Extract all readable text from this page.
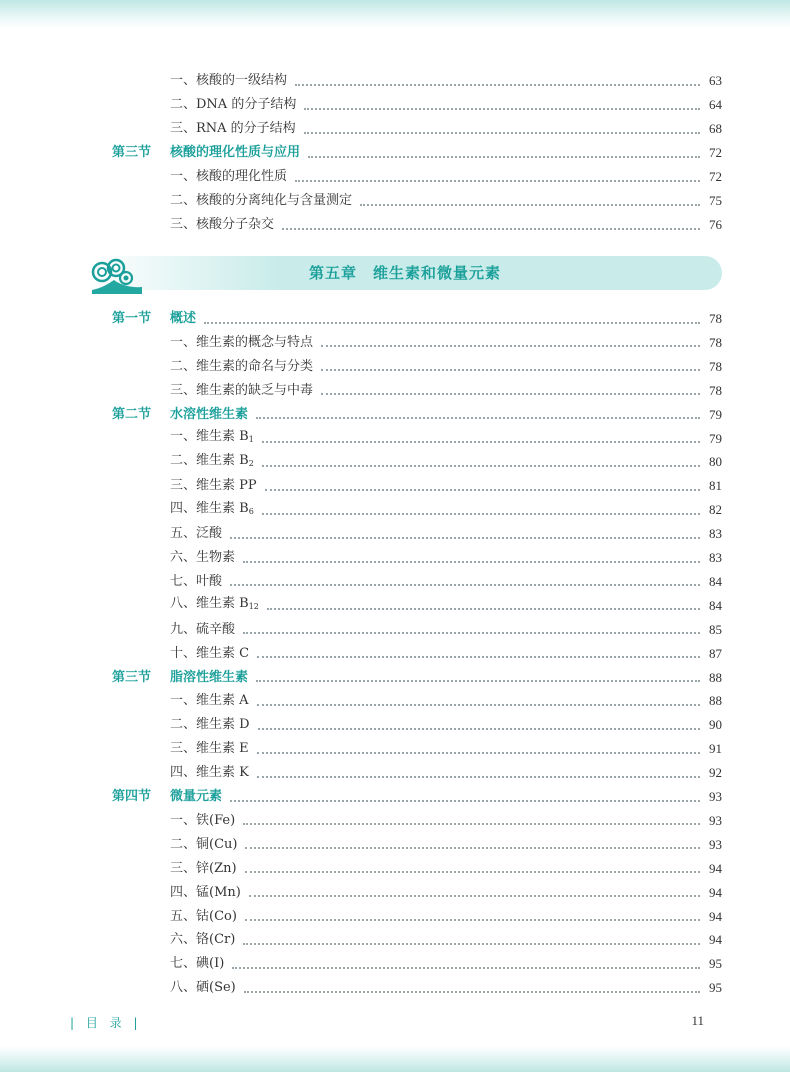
一、核酸的一级结构	63
二、DNA 的分子结构	64
三、RNA 的分子结构	68
第三节 核酸的理化性质与应用	72
一、核酸的理化性质	72
二、核酸的分离纯化与含量测定	75
三、核酸分子杂交	76
第五章　维生素和微量元素
第一节 概述	78
一、维生素的概念与特点	78
二、维生素的命名与分类	78
三、维生素的缺乏与中毒	78
第二节 水溶性维生素	79
一、维生素 $B_1$	79
二、维生素 $B_2$	80
三、维生素 PP	81
四、维生素 $B_6$	82
五、泛酸	83
六、生物素	83
七、叶酸	84
八、维生素 $B_{12}$	84
九、硫辛酸	85
十、维生素 C	87
第三节 脂溶性维生素	88
一、维生素 A	88
二、维生素 D	90
三、维生素 E	91
四、维生素 K	92
第四节 微量元素	93
一、铁(Fe)	93
二、铜(Cu)	93
三、锌(Zn)	94
四、锰(Mn)	94
五、钴(Co)	94
六、铬(Cr)	94
七、碘(I)	95
八、硒(Se)	95
| 目 录 |	11
